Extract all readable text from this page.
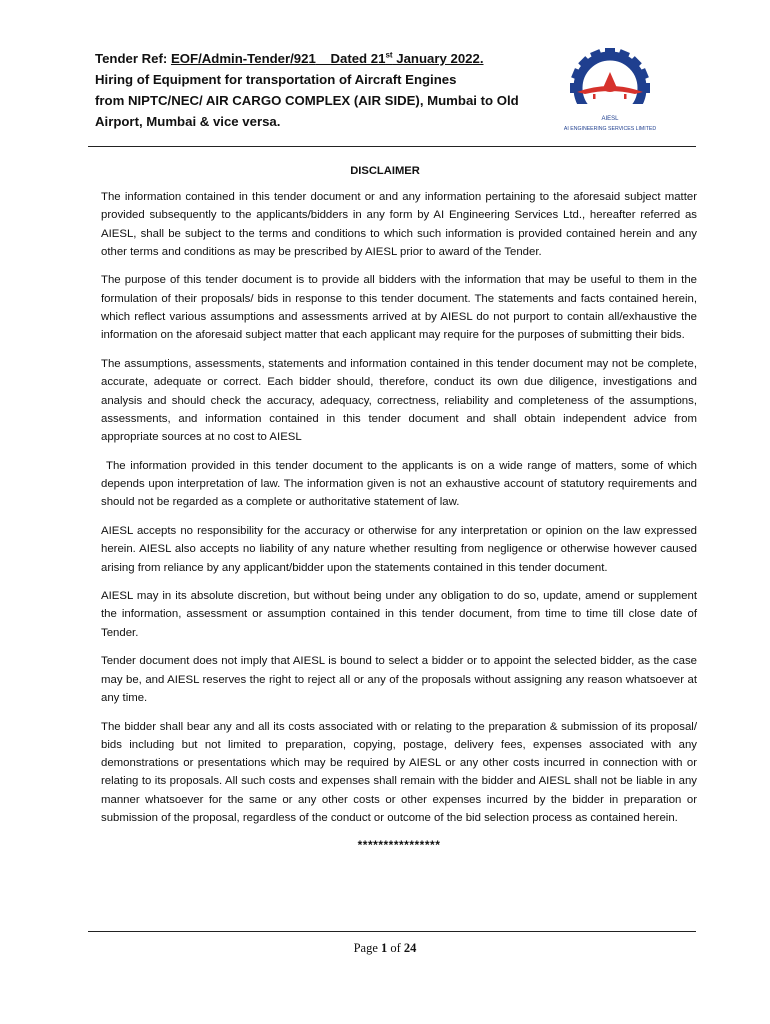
Tender Ref: EOF/Admin-Tender/921 Dated 21st January 2022.
Hiring of Equipment for transportation of Aircraft Engines
from NIPTC/NEC/ AIR CARGO COMPLEX (AIR SIDE), Mumbai to Old
Airport, Mumbai & vice versa.	AIESL
AI ENGINEERING SERVICES LIMITED
DISCLAIMER

The information contained in this tender document or and any information pertaining to the aforesaid subject matter provided subsequently to the applicants/bidders in any form by AI Engineering Services Ltd., hereafter referred as AIESL, shall be subject to the terms and conditions to which such information is provided contained herein and any other terms and conditions as may be prescribed by AIESL prior to award of the Tender.

The purpose of this tender document is to provide all bidders with the information that may be useful to them in the formulation of their proposals/ bids in response to this tender document. The statements and facts contained herein, which reflect various assumptions and assessments arrived at by AIESL do not purport to contain all/exhaustive the information on the aforesaid subject matter that each applicant may require for the purposes of submitting their bids.

The assumptions, assessments, statements and information contained in this tender document may not be complete, accurate, adequate or correct. Each bidder should, therefore, conduct its own due diligence, investigations and analysis and should check the accuracy, adequacy, correctness, reliability and completeness of the assumptions, assessments, and information contained in this tender document and shall obtain independent advice from appropriate sources at no cost to AIESL

The information provided in this tender document to the applicants is on a wide range of matters, some of which depends upon interpretation of law. The information given is not an exhaustive account of statutory requirements and should not be regarded as a complete or authoritative statement of law.

AIESL accepts no responsibility for the accuracy or otherwise for any interpretation or opinion on the law expressed herein. AIESL also accepts no liability of any nature whether resulting from negligence or otherwise however caused arising from reliance by any applicant/bidder upon the statements contained in this tender document.

AIESL may in its absolute discretion, but without being under any obligation to do so, update, amend or supplement the information, assessment or assumption contained in this tender document, from time to time till close date of Tender.

Tender document does not imply that AIESL is bound to select a bidder or to appoint the selected bidder, as the case may be, and AIESL reserves the right to reject all or any of the proposals without assigning any reason whatsoever at any time.

The bidder shall bear any and all its costs associated with or relating to the preparation & submission of its proposal/ bids including but not limited to preparation, copying, postage, delivery fees, expenses associated with any demonstrations or presentations which may be required by AIESL or any other costs incurred in connection with or relating to its proposals. All such costs and expenses shall remain with the bidder and AIESL shall not be liable in any manner whatsoever for the same or any other costs or other expenses incurred by the bidder in preparation or submission of the proposal, regardless of the conduct or outcome of the bid selection process as contained herein.

****************
Page 1 of 24
